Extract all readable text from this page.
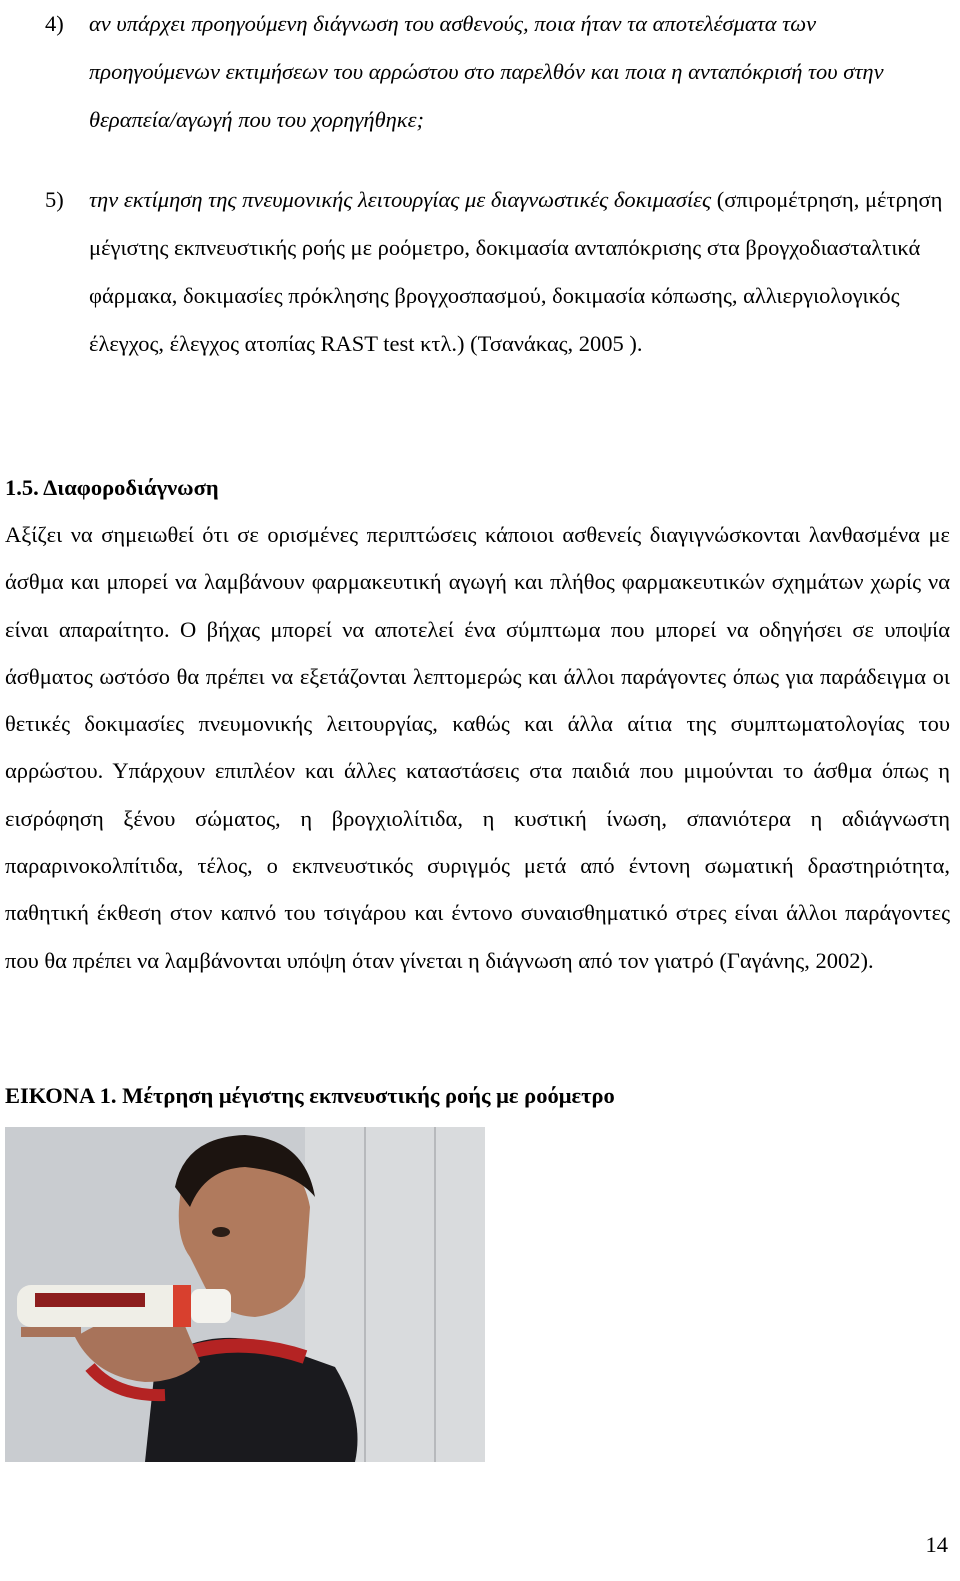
4) αν υπάρχει προηγούμενη διάγνωση του ασθενούς, ποια ήταν τα αποτελέσματα των προηγούμενων εκτιμήσεων του αρρώστου στο παρελθόν και ποια η ανταπόκρισή του στην θεραπεία/αγωγή που του χορηγήθηκε;
5) την εκτίμηση της πνευμονικής λειτουργίας με διαγνωστικές δοκιμασίες (σπιρομέτρηση, μέτρηση μέγιστης εκπνευστικής ροής με ροόμετρο, δοκιμασία ανταπόκρισης στα βρογχοδιασταλτικά φάρμακα, δοκιμασίες πρόκλησης βρογχοσπασμού, δοκιμασία κόπωσης, αλλιεργιολογικός έλεγχος, έλεγχος ατοπίας RAST test κτλ.) (Τσανάκας, 2005 ).
1.5. Διαφοροδιάγνωση
Αξίζει να σημειωθεί ότι σε ορισμένες περιπτώσεις κάποιοι ασθενείς διαγιγνώσκονται λανθασμένα με άσθμα και μπορεί να λαμβάνουν φαρμακευτική αγωγή και πλήθος φαρμακευτικών σχημάτων χωρίς να είναι απαραίτητο. Ο βήχας μπορεί να αποτελεί ένα σύμπτωμα που μπορεί να οδηγήσει σε υποψία άσθματος ωστόσο θα πρέπει να εξετάζονται λεπτομερώς και άλλοι παράγοντες όπως για παράδειγμα οι θετικές δοκιμασίες πνευμονικής λειτουργίας, καθώς και άλλα αίτια της συμπτωματολογίας του αρρώστου. Υπάρχουν επιπλέον και άλλες καταστάσεις στα παιδιά που μιμούνται το άσθμα όπως η εισρόφηση ξένου σώματος, η βρογχιολίτιδα, η κυστική ίνωση, σπανιότερα η αδιάγνωστη παραρινοκολπίτιδα, τέλος, ο εκπνευστικός συριγμός μετά από έντονη σωματική δραστηριότητα, παθητική έκθεση στον καπνό του τσιγάρου και έντονο συναισθηματικό στρες είναι άλλοι παράγοντες που θα πρέπει να λαμβάνονται υπόψη όταν γίνεται η διάγνωση από τον γιατρό (Γαγάνης, 2002).
ΕΙΚΟΝΑ 1. Μέτρηση μέγιστης εκπνευστικής ροής με ροόμετρο
14
